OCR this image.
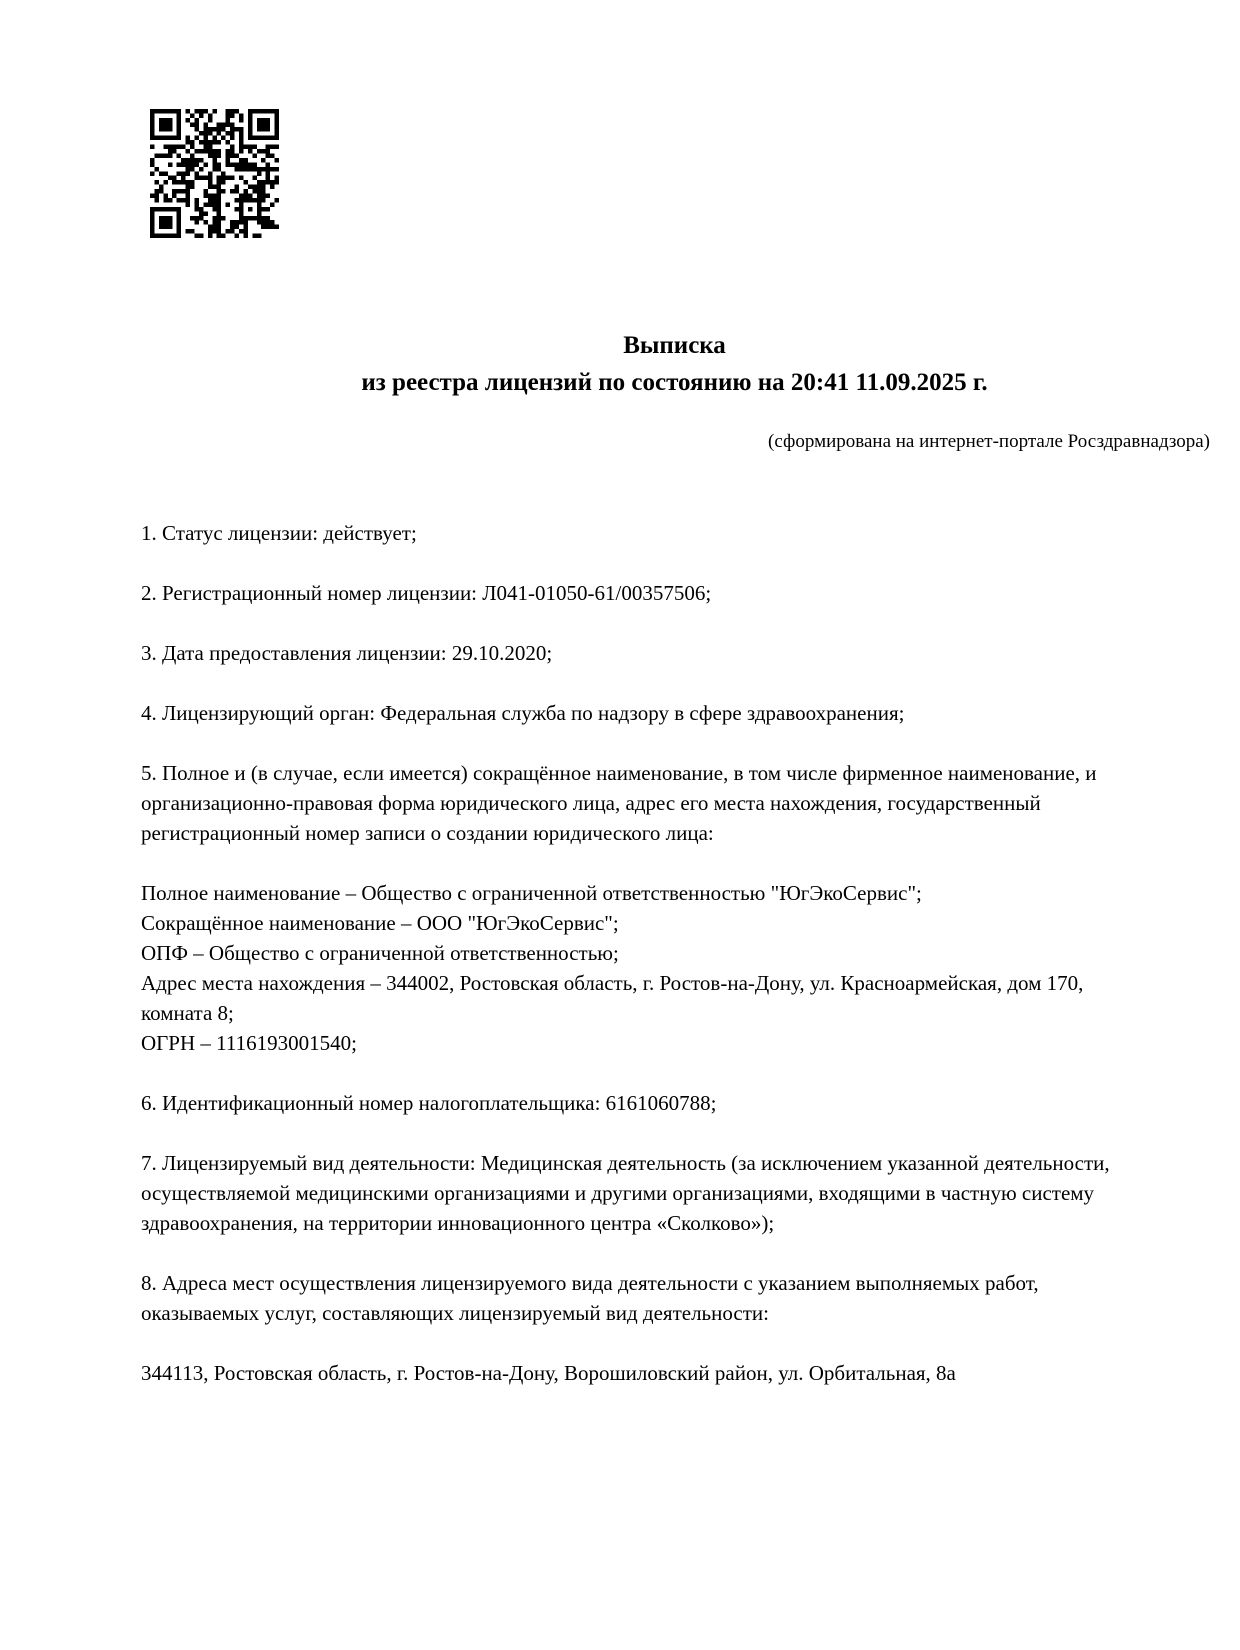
Выписка
из реестра лицензий по состоянию на 20:41 11.09.2025 г.
(сформирована на интернет-портале Росздравнадзора)

1. Статус лицензии: действует;

2. Регистрационный номер лицензии: Л041-01050-61/00357506;

3. Дата предоставления лицензии: 29.10.2020;

4. Лицензирующий орган: Федеральная служба по надзору в сфере здравоохранения;

5. Полное и (в случае, если имеется) сокращённое наименование, в том числе фирменное наименование, и организационно-правовая форма юридического лица, адрес его места нахождения, государственный регистрационный номер записи о создании юридического лица:

Полное наименование – Общество с ограниченной ответственностью "ЮгЭкоСервис";

Сокращённое наименование – ООО "ЮгЭкоСервис";

ОПФ – Общество с ограниченной ответственностью;

Адрес места нахождения – 344002, Ростовская область, г. Ростов-на-Дону, ул. Красноармейская, дом 170, комната 8;

ОГРН – 1116193001540;

6. Идентификационный номер налогоплательщика: 6161060788;

7. Лицензируемый вид деятельности: Медицинская деятельность (за исключением указанной деятельности, осуществляемой медицинскими организациями и другими организациями, входящими в частную систему здравоохранения, на территории инновационного центра «Сколково»);

8. Адреса мест осуществления лицензируемого вида деятельности с указанием выполняемых работ, оказываемых услуг, составляющих лицензируемый вид деятельности:

344113, Ростовская область, г. Ростов-на-Дону, Ворошиловский район, ул. Орбитальная, 8а
